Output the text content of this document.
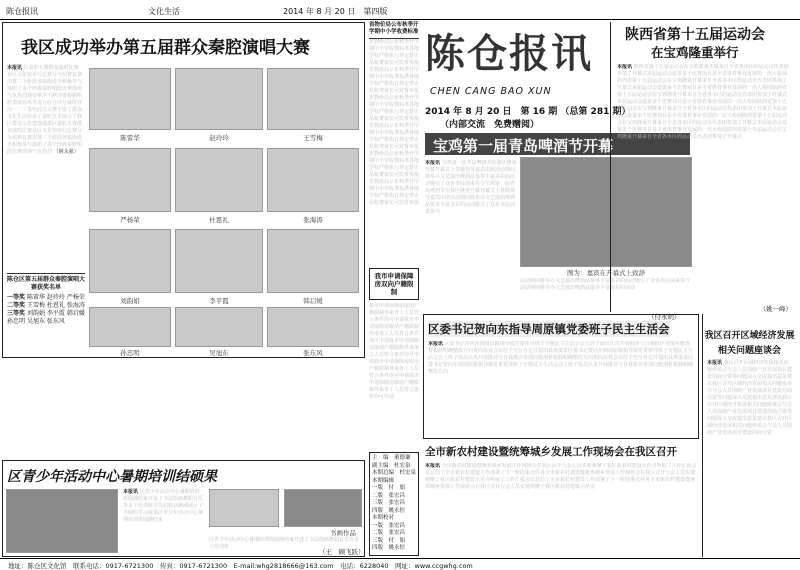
陈仓报讯	文化生活	2014 年 8 月 20 日　第四版
我区成功举办第五届群众秦腔演唱大赛
本报讯 区秦腔大赛群众演唱比赛在区文化馆举行比赛分为预赛复赛决赛三个阶段各镇街选手积极参与演唱了多个经典秦腔唱段比赛现场气氛热烈观众掌声不断评委根据唱腔表演台风等进行综合评分最终评出一二三等奖此次大赛丰富了群众文化生活传承了秦腔艺术展示了我区群众文化建设成果区秦腔大赛群众演唱比赛在区文化馆举行比赛分为预赛复赛决赛三个阶段各镇街选手积极参与演唱了多个经典秦腔唱段比赛现场气氛热烈 （姚永强）
陈雷华	赵玲玲	王雪梅
严杨荣	杜恩礼	张海涛
刘韵娟	李平霞	韩启媛
孙忠明	吴旭东	张东风
陈仓区第五届群众秦腔演唱大赛获奖名单
一等奖 陈雷华 赵玲玲 严杨荣
二等奖 王雪梅 杜恩礼 张海涛
三等奖 刘韵娟 李平霞 韩启媛 孙忠明 吴旭东 张东风
区青少年活动中心暑期培训结硕果
本报讯 区青少年活动中心暑期培训班圆满结束开设了书法绘画舞蹈音乐等多个培训班学员们收获满满展示了丰硕的学习成果区青少年活动中心暑期培训班圆满结束
书画作品
区青少年活动中心暑期培训班圆满结束开设了书法绘画舞蹈音乐等多个培训班
（王　顾飞跃）
省物价局公布秋季开学期中小学收费标准
省物价局公布秋季开学期中小学收费标准各地学校严格执行规定禁止乱收费家长可监督举报省物价局公布秋季开学期中小学收费标准各地学校严格执行规定禁止乱收费家长可监督举报省物价局公布秋季开学期中小学收费标准各地学校严格执行规定禁止乱收费家长可监督举报省物价局公布秋季开学期中小学收费标准各地学校严格执行规定禁止乱收费家长可监督举报省物价局公布秋季开学期中小学收费标准各地学校严格执行规定禁止乱收费家长可监督举报省物价局公布秋季开学期中小学收费标准各地学校严格执行规定禁止乱收费家长可监督举报
我市申请保障房双向户籍限制
我市申请保障房取消户籍限制外来务工人员符合条件均可申请我市申请保障房取消户籍限制外来务工人员符合条件均可申请我市申请保障房取消户籍限制外来务工人员符合条件均可申请我市申请保障房取消户籍限制外来务工人员符合条件均可申请我市申请保障房取消户籍限制外来务工人员符合条件均可申请
主　编　董德谦
副主编　杜宏泉
本期总编　杜宏泉
本期编辑　
一版　付　娟
二版　张宏昌
三版　张宏昌
四版　姚永恒
本期校对
一版　张宏昌
二版　张宏昌
三版　付　娟
四版　姚永恒
陈仓报讯
CHEN CANG BAO XUN
2014 年 8 月 20 日　第 16 期 （总第 281 期）
（内部交流　免费赠阅）
宝鸡第一届青岛啤酒节开幕
图为：嘉宾在开幕式上致辞
本报讯 宝鸡第一届青岛啤酒节在我区隆重开幕开幕式上各级领导嘉宾出席活动期间将举办文艺演出啤酒品鉴等丰富多彩的活动吸引了众多市民前来参与宝鸡第一届青岛啤酒节在我区隆重开幕开幕式上各级领导嘉宾出席活动期间将举办文艺演出啤酒品鉴等丰富多彩的活动吸引了众多市民前来参与
活动期间将举办文艺演出啤酒品鉴等丰富多彩的活动吸引了众多市民前来参与活动期间将举办文艺演出啤酒品鉴等丰富多彩的活动
（付永明）
陕西省第十五届运动会
在宝鸡隆重举行
本报讯 陕西省第十五届运动会在宝鸡隆重开幕来自全省各市区的运动员代表团参加了开幕式本届运动会设置多个比赛项目是全省体育事业发展的一次大检阅陕西省第十五届运动会在宝鸡隆重开幕来自全省各市区的运动员代表团参加了开幕式本届运动会设置多个比赛项目是全省体育事业发展的一次大检阅陕西省第十五届运动会在宝鸡隆重开幕来自全省各市区的运动员代表团参加了开幕式本届运动会设置多个比赛项目是全省体育事业发展的一次大检阅陕西省第十五届运动会在宝鸡隆重开幕来自全省各市区的运动员代表团参加了开幕式本届运动会设置多个比赛项目是全省体育事业发展的一次大检阅陕西省第十五届运动会在宝鸡隆重开幕来自全省各市区的运动员代表团参加了开幕式本届运动会设置多个比赛项目是全省体育事业发展的一次大检阅陕西省第十五届运动会在宝鸡隆重开幕来自全省各市区的运动员代表团参加了开幕式
（姚一峰）
区委书记贺向东指导周原镇党委班子民主生活会
本报讯 区委书记贺向东到周原镇指导镇党委领导班子专题民主生活会会上班子成员认真开展批评与自我批评查找问题剖析根源明确整改方向贺向东对会议给予充分肯定并提出具体要求区委书记贺向东到周原镇指导镇党委领导班子专题民主生活会会上班子成员认真开展批评与自我批评查找问题剖析根源明确整改方向贺向东对会议给予充分肯定并提出具体要求区委书记贺向东到周原镇指导镇党委领导班子专题民主生活会会上班子成员认真开展批评与自我批评查找问题剖析根源明确整改方向
我区召开区域经济发展
相关问题座谈会
本报讯 我区召开区域经济发展相关问题座谈会与会人员围绕产业发展项目建设招商引资等问题深入交流提出意见建议我区召开区域经济发展相关问题座谈会与会人员围绕产业发展项目建设招商引资等问题深入交流提出意见建议我区召开区域经济发展相关问题座谈会与会人员围绕产业发展项目建设招商引资等问题深入交流提出意见建议我区召开区域经济发展相关问题座谈会与会人员围绕产业发展项目建设招商引资
全市新农村建设暨统筹城乡发展工作现场会在我区召开
本报讯 全市新农村建设暨统筹城乡发展工作现场会在我区召开与会人员实地观摩了我区新农村建设示范点听取了工作汇报会议总结了全市新农村建设工作部署了下一阶段重点任务全市新农村建设暨统筹城乡发展工作现场会在我区召开与会人员实地观摩了我区新农村建设示范点听取了工作汇报会议总结了全市新农村建设工作部署了下一阶段重点任务全市新农村建设暨统筹城乡发展工作现场会在我区召开与会人员实地观摩了我区新农村建设示范点
地址：陈仓区文化馆　联系电话：0917-6721300　传真：0917-6721300　E-mail:whg2818666@163.com　电话：6228040　网址：www.ccgwhg.com
